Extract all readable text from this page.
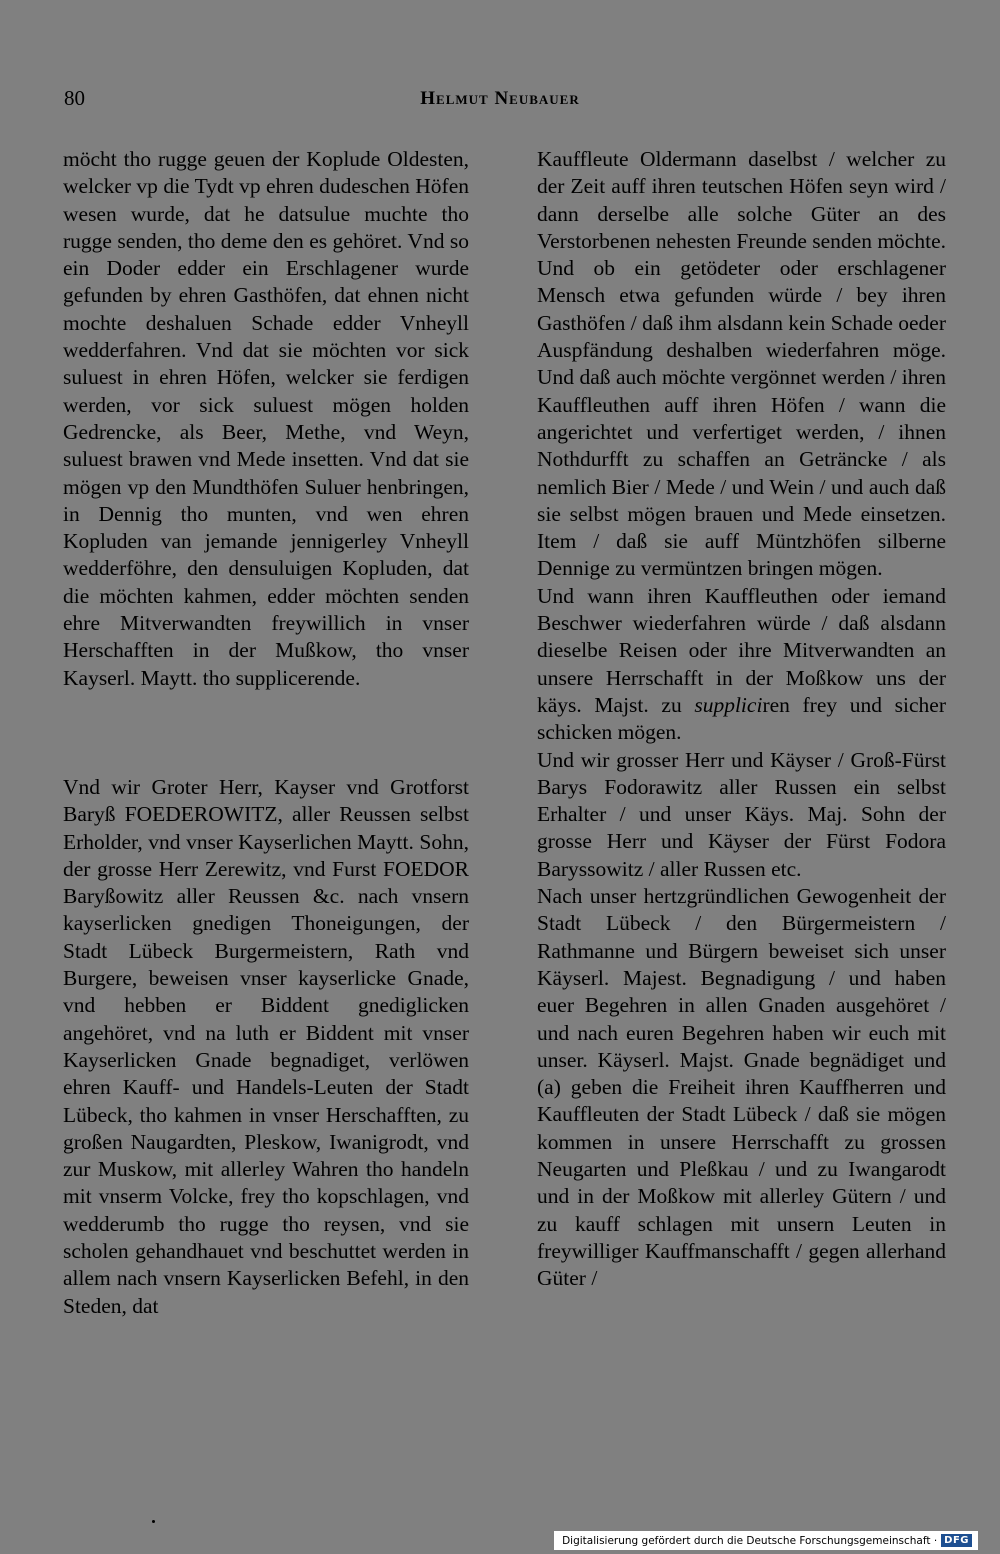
80	Helmut Neubauer

möcht tho rugge geuen der Koplude Oldesten, welcker vp die Tydt vp ehren dudeschen Höfen wesen wurde, dat he datsulue muchte tho rugge senden, tho deme den es gehöret. Vnd so ein Doder edder ein Erschlagener wurde gefunden by ehren Gasthöfen, dat ehnen nicht mochte deshaluen Schade edder Vnheyll wedderfahren. Vnd dat sie möchten vor sick suluest in ehren Höfen, welcker sie ferdigen werden, vor sick suluest mögen holden Gedrencke, als Beer, Methe, vnd Weyn, suluest brawen vnd Mede insetten. Vnd dat sie mögen vp den Mundthöfen Suluer henbringen, in Dennig tho munten, vnd wen ehren Kopluden van jemande jennigerley Vnheyll wedderföhre, den densuluigen Kopluden, dat die möchten kahmen, edder möchten senden ehre Mitverwandten freywillich in vnser Herschafften in der Mußkow, tho vnser Kayserl. Maytt. tho supplicerende.

Vnd wir Groter Herr, Kayser vnd Grotforst Baryß FOEDEROWITZ, aller Reussen selbst Erholder, vnd vnser Kayserlichen Maytt. Sohn, der grosse Herr Zerewitz, vnd Furst FOEDOR Baryßowitz aller Reussen &c. nach vnsern kayserlicken gnedigen Thoneigungen, der Stadt Lübeck Burgermeistern, Rath vnd Burgere, beweisen vnser kayserlicke Gnade, vnd hebben er Biddent gnediglicken angehöret, vnd na luth er Biddent mit vnser Kayserlicken Gnade begnadiget, verlöwen ehren Kauff- und Handels-Leuten der Stadt Lübeck, tho kahmen in vnser Herschafften, zu großen Naugardten, Pleskow, Iwanigrodt, vnd zur Muskow, mit allerley Wahren tho handeln mit vnserm Volcke, frey tho kopschlagen, vnd wedderumb tho rugge tho reysen, vnd sie scholen gehandhauet vnd beschuttet werden in allem nach vnsern Kayserlicken Befehl, in den Steden, dat

Kauffleute Oldermann daselbst / welcher zu der Zeit auff ihren teutschen Höfen seyn wird / dann derselbe alle solche Güter an des Verstorbenen nehesten Freunde senden möchte. Und ob ein getödeter oder erschlagener Mensch etwa gefunden würde / bey ihren Gasthöfen / daß ihm alsdann kein Schade oeder Auspfändung deshalben wiederfahren möge. Und daß auch möchte vergönnet werden / ihren Kauffleuthen auff ihren Höfen / wann die angerichtet und verfertiget werden, / ihnen Nothdurfft zu schaffen an Geträncke / als nemlich Bier / Mede / und Wein / und auch daß sie selbst mögen brauen und Mede einsetzen. Item / daß sie auff Müntzhöfen silberne Dennige zu vermüntzen bringen mögen.

Und wann ihren Kauffleuthen oder iemand Beschwer wiederfahren würde / daß alsdann dieselbe Reisen oder ihre Mitverwandten an unsere Herrschafft in der Moßkow uns der käys. Majst. zu suppliciren frey und sicher schicken mögen.

Und wir grosser Herr und Käyser / Groß-Fürst Barys Fodorawitz aller Russen ein selbst Erhalter / und unser Käys. Maj. Sohn der grosse Herr und Käyser der Fürst Fodora Baryssowitz / aller Russen etc.

Nach unser hertzgründlichen Gewogenheit der Stadt Lübeck / den Bürgermeistern / Rathmanne und Bürgern beweiset sich unser Käyserl. Majest. Begnadigung / und haben euer Begehren in allen Gnaden ausgehöret / und nach euren Begehren haben wir euch mit unser. Käyserl. Majst. Gnade begnädiget und (a) geben die Freiheit ihren Kauffherren und Kauffleuten der Stadt Lübeck / daß sie mögen kommen in unsere Herrschafft zu grossen Neugarten und Pleßkau / und zu Iwangarodt und in der Moßkow mit allerley Gütern / und zu kauff schlagen mit unsern Leuten in freywilliger Kauffmanschafft / gegen allerhand Güter /

Digitalisierung gefördert durch die Deutsche Forschungsgemeinschaft · DFG
